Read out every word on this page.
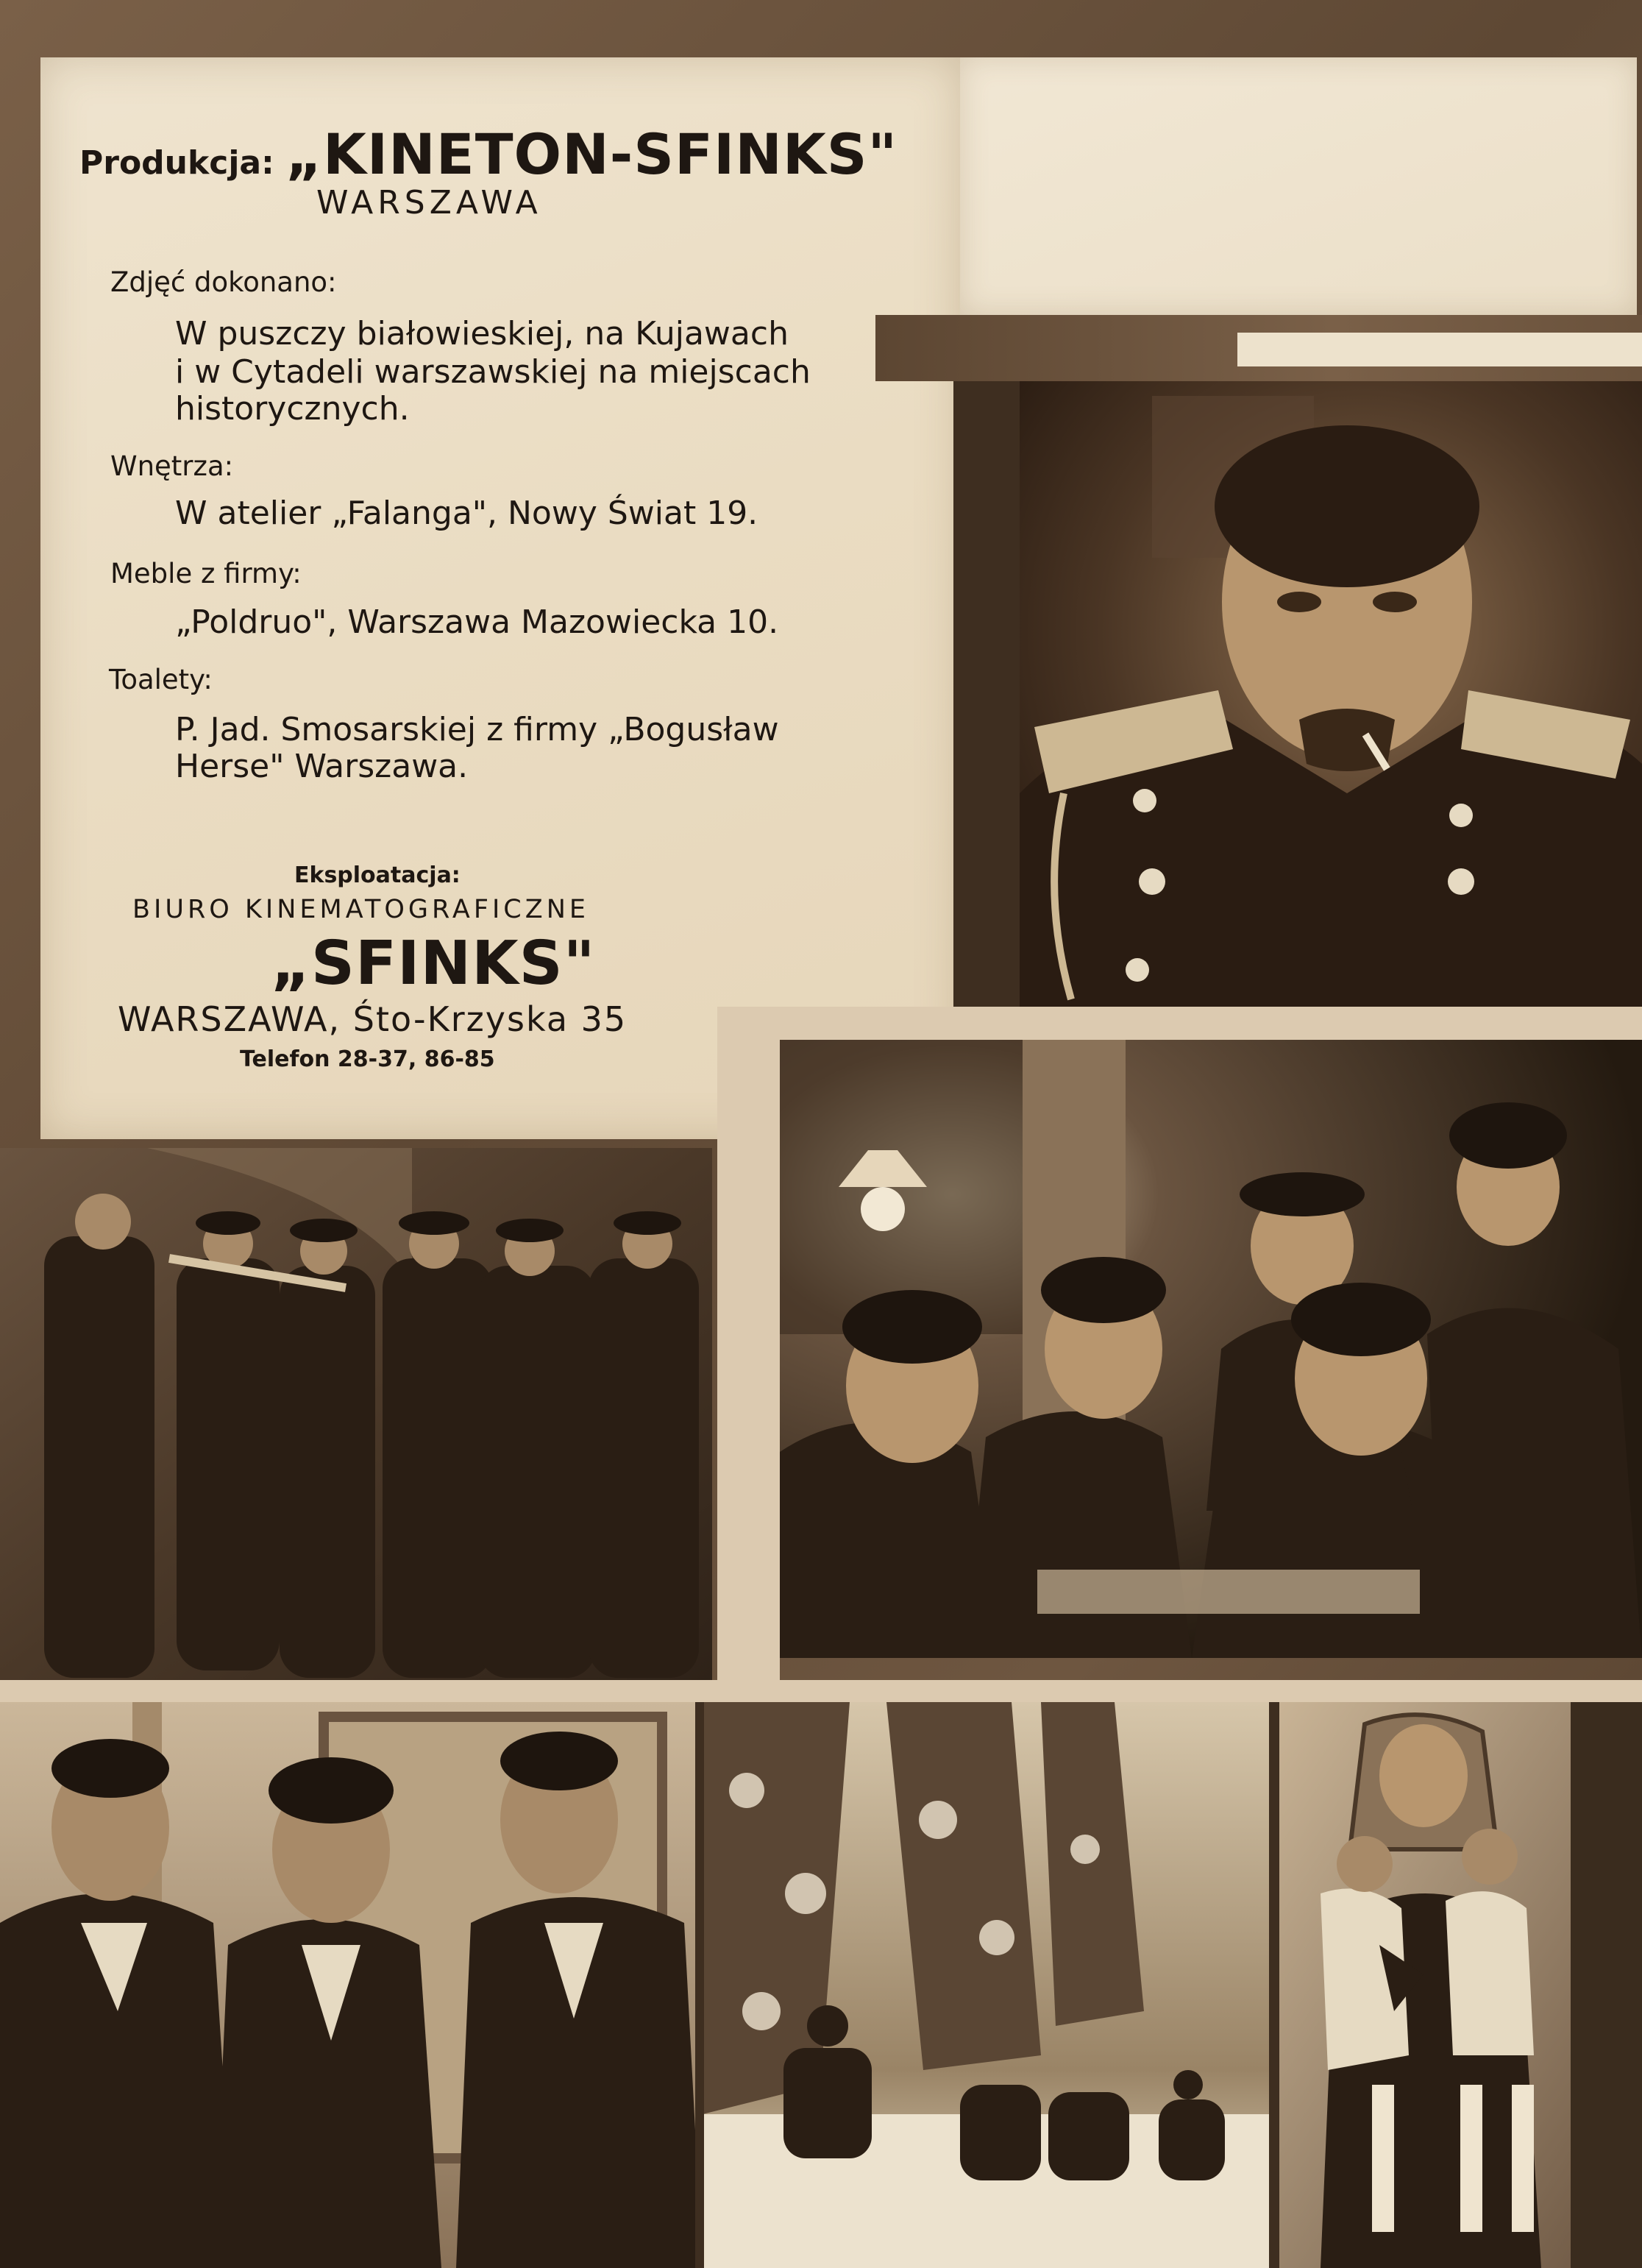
Produkcja: „KINETON-SFINKS"
WARSZAWA
Zdjęć dokonano:
W puszczy białowieskiej, na Kujawach
i w Cytadeli warszawskiej na miejscach
historycznych.
Wnętrza:
W atelier „Falanga", Nowy Świat 19.
Meble z firmy:
„Poldruo", Warszawa Mazowiecka 10.
Toalety:
P. Jad. Smosarskiej z firmy „Bogusław
Herse" Warszawa.
Eksploatacja:
BIURO KINEMATOGRAFICZNE
„SFINKS"
WARSZAWA, Śto-Krzyska 35
Telefon 28-37, 86-85
